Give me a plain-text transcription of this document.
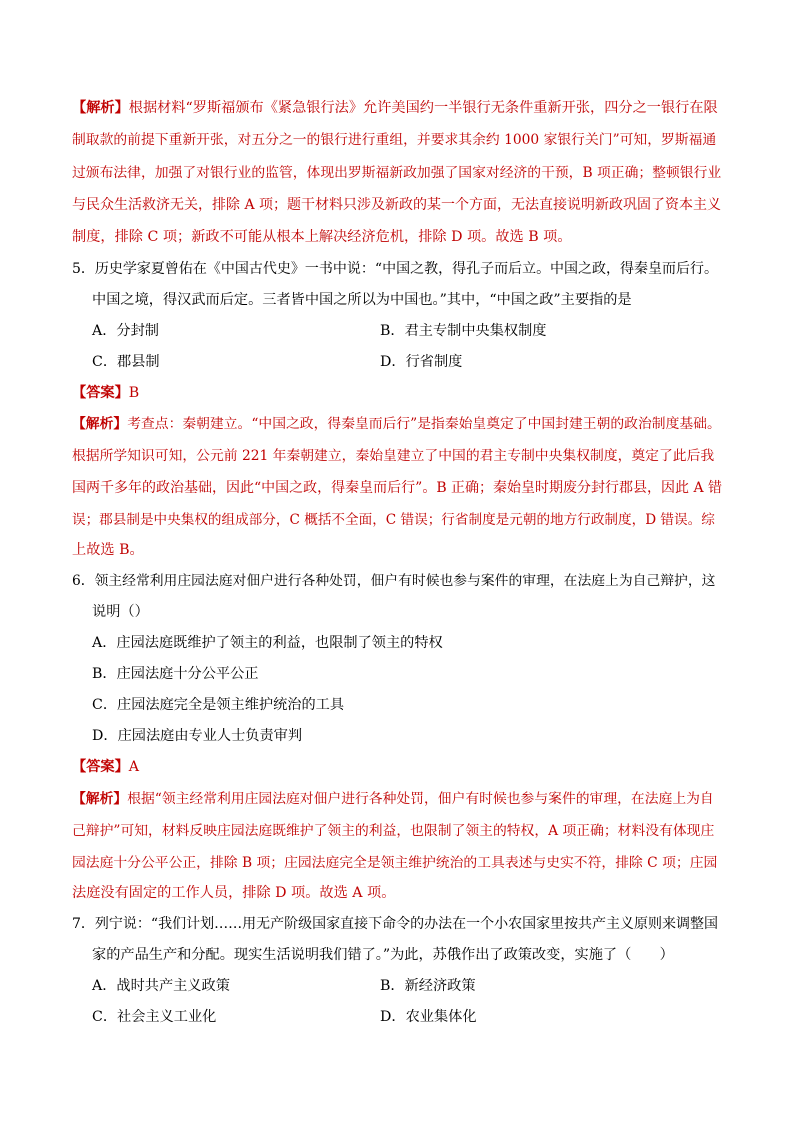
【解析】根据材料“罗斯福颁布《紧急银行法》允许美国约一半银行无条件重新开张，四分之一银行在限
制取款的前提下重新开张，对五分之一的银行进行重组，并要求其余约 1000 家银行关门”可知，罗斯福通
过颁布法律，加强了对银行业的监管，体现出罗斯福新政加强了国家对经济的干预，B 项正确；整顿银行业
与民众生活救济无关，排除 A 项；题干材料只涉及新政的某一个方面，无法直接说明新政巩固了资本主义
制度，排除 C 项；新政不可能从根本上解决经济危机，排除 D 项。故选 B 项。
5．历史学家夏曾佑在《中国古代史》一书中说：“中国之教，得孔子而后立。中国之政，得秦皇而后行。
中国之境，得汉武而后定。三者皆中国之所以为中国也。”其中，“中国之政”主要指的是
A．分封制	B．君主专制中央集权制度
C．郡县制	D．行省制度
【答案】B
【解析】考查点：秦朝建立。“中国之政，得秦皇而后行”是指秦始皇奠定了中国封建王朝的政治制度基础。
根据所学知识可知，公元前 221 年秦朝建立，秦始皇建立了中国的君主专制中央集权制度，奠定了此后我
国两千多年的政治基础，因此“中国之政，得秦皇而后行”。B 正确；秦始皇时期废分封行郡县，因此 A 错
误；郡县制是中央集权的组成部分，C 概括不全面，C 错误；行省制度是元朝的地方行政制度，D 错误。综
上故选 B。
6．领主经常利用庄园法庭对佃户进行各种处罚，佃户有时候也参与案件的审理，在法庭上为自己辩护，这
说明（）
A．庄园法庭既维护了领主的利益，也限制了领主的特权
B．庄园法庭十分公平公正
C．庄园法庭完全是领主维护统治的工具
D．庄园法庭由专业人士负责审判
【答案】A
【解析】根据“领主经常利用庄园法庭对佃户进行各种处罚，佃户有时候也参与案件的审理，在法庭上为自
己辩护”可知，材料反映庄园法庭既维护了领主的利益，也限制了领主的特权，A 项正确；材料没有体现庄
园法庭十分公平公正，排除 B 项；庄园法庭完全是领主维护统治的工具表述与史实不符，排除 C 项；庄园
法庭没有固定的工作人员，排除 D 项。故选 A 项。
7．列宁说：“我们计划……用无产阶级国家直接下命令的办法在一个小农国家里按共产主义原则来调整国
家的产品生产和分配。现实生活说明我们错了。”为此，苏俄作出了政策改变，实施了（　　）
A．战时共产主义政策	B．新经济政策
C．社会主义工业化	D．农业集体化
